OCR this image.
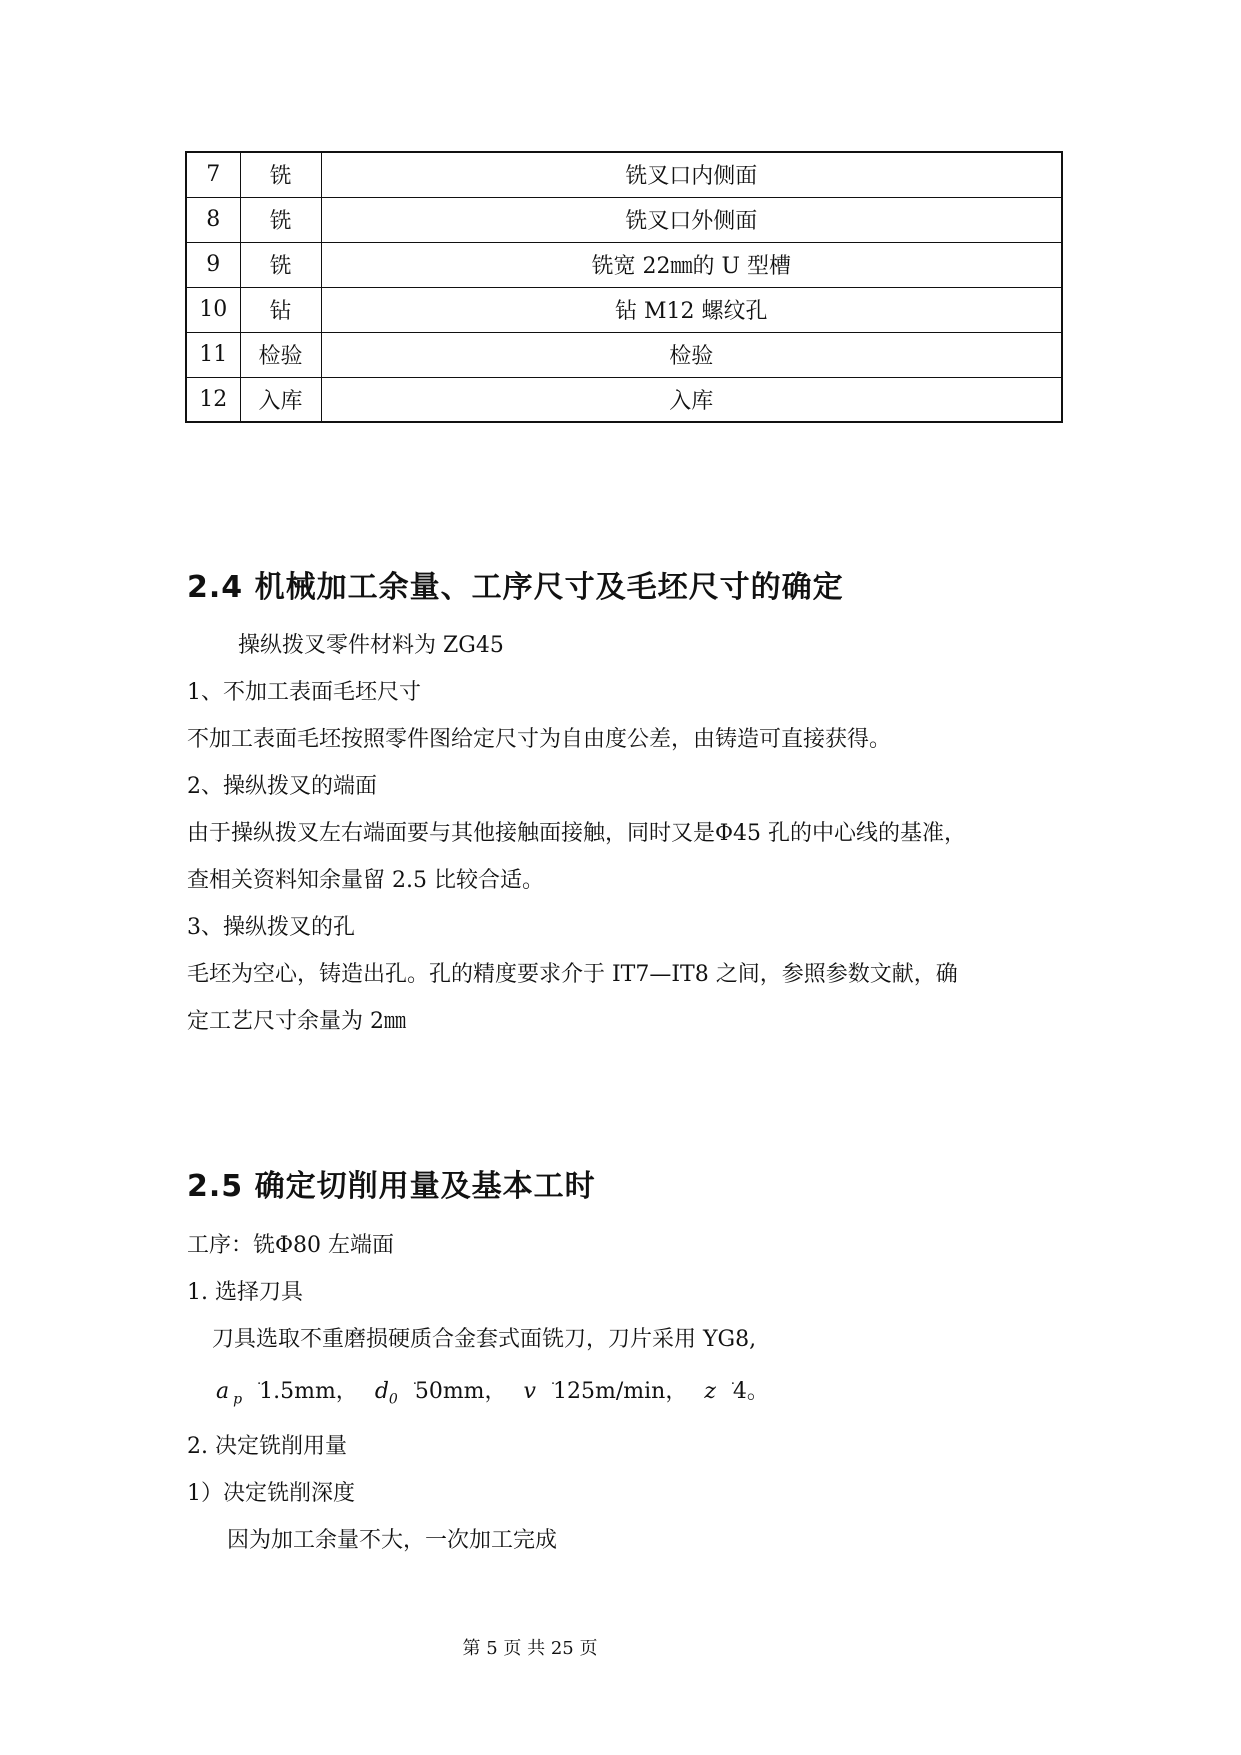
7	铣	铣叉口内侧面
8	铣	铣叉口外侧面
9	铣	铣宽 22㎜的 U 型槽
10	钻	钻 M12 螺纹孔
11	检验	检验
12	入库	入库
2.4 机械加工余量、工序尺寸及毛坯尺寸的确定
操纵拨叉零件材料为 ZG45
1、不加工表面毛坯尺寸
不加工表面毛坯按照零件图给定尺寸为自由度公差，由铸造可直接获得。
2、操纵拨叉的端面
由于操纵拨叉左右端面要与其他接触面接触，同时又是Φ45 孔的中心线的基准，
查相关资料知余量留 2.5 比较合适。
3、操纵拨叉的孔
毛坯为空心，铸造出孔。孔的精度要求介于 IT7—IT8 之间，参照参数文献，确
定工艺尺寸余量为 2㎜
2.5 确定切削用量及基本工时
工序：铣Φ80 左端面
1. 选择刀具
刀具选取不重磨损硬质合金套式面铣刀，刀片采用 YG8,
a $_p$ ׂ1.5mm， $d_0$ ׂ50mm， v ׂ125m/min， z ׂ4。
2. 决定铣削用量
1）决定铣削深度
因为加工余量不大，一次加工完成
第 5 页 共 25 页
